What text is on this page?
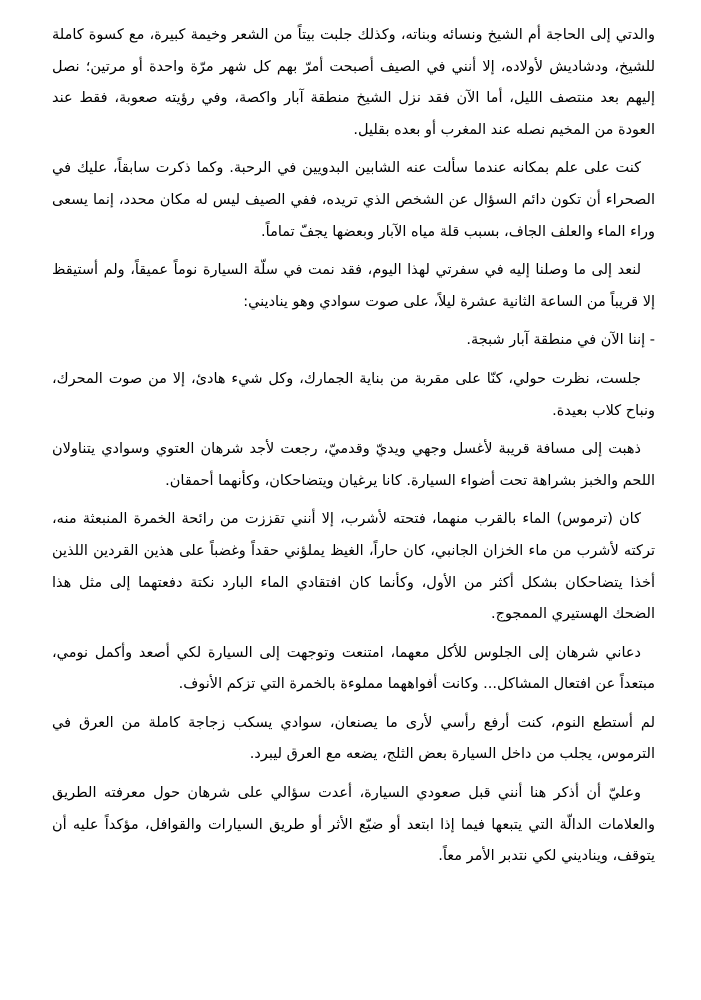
والدتي إلى الحاجة أم الشيخ ونسائه وبناته، وكذلك جلبت بيتاً من الشعر وخيمة كبيرة، مع كسوة كاملة للشيخ، ودشاديش لأولاده، إلا أنني في الصيف أصبحت أمرّ بهم كل شهر مرّة واحدة أو مرتين؛ نصل إليهم بعد منتصف الليل، أما الآن فقد نزل الشيخ منطقة آبار واكصة، وفي رؤيته صعوبة، فقط عند العودة من المخيم نصله عند المغرب أو بعده بقليل.

كنت على علم بمكانه عندما سألت عنه الشابين البدويين في الرحبة. وكما ذكرت سابقاً، عليك في الصحراء أن تكون دائم السؤال عن الشخص الذي تريده، ففي الصيف ليس له مكان محدد، إنما يسعى وراء الماء والعلف الجاف، بسبب قلة مياه الآبار وبعضها يجفّ تماماً.

لنعد إلى ما وصلنا إليه في سفرتي لهذا اليوم، فقد نمت في سلّة السيارة نوماً عميقاً، ولم أستيقظ إلا قريباً من الساعة الثانية عشرة ليلاً، على صوت سوادي وهو يناديني:

- إننا الآن في منطقة آبار شبجة.

جلست، نظرت حولي، كنّا على مقربة من بناية الجمارك، وكل شيء هادئ، إلا من صوت المحرك، ونباح كلاب بعيدة.

ذهبت إلى مسافة قريبة لأغسل وجهي ويديّ وقدميّ، رجعت لأجد شرهان العتوي وسوادي يتناولان اللحم والخبز بشراهة تحت أضواء السيارة. كانا يرغيان ويتضاحكان، وكأنهما أحمقان.

كان (ترموس) الماء بالقرب منهما، فتحته لأشرب، إلا أنني تقززت من رائحة الخمرة المنبعثة منه، تركته لأشرب من ماء الخزان الجانبي، كان حاراً، الغيظ يملؤني حقداً وغضباً على هذين القردين اللذين أخذا يتضاحكان بشكل أكثر من الأول، وكأنما كان افتقادي الماء البارد نكتة دفعتهما إلى مثل هذا الضحك الهستيري الممجوج.

دعاني شرهان إلى الجلوس للأكل معهما، امتنعت وتوجهت إلى السيارة لكي أصعد وأكمل نومي، مبتعداً عن افتعال المشاكل... وكانت أفواههما مملوءة بالخمرة التي تزكم الأنوف.

لم أستطع النوم، كنت أرفع رأسي لأرى ما يصنعان، سوادي يسكب زجاجة كاملة من العرق في الترموس، يجلب من داخل السيارة بعض الثلج، يضعه مع العرق ليبرد.

وعليّ أن أذكر هنا أنني قبل صعودي السيارة، أعدت سؤالي على شرهان حول معرفته الطريق والعلامات الدالّة التي يتبعها فيما إذا ابتعد أو ضيّع الأثر أو طريق السيارات والقوافل، مؤكداً عليه أن يتوقف، ويناديني لكي نتدبر الأمر معاً.
